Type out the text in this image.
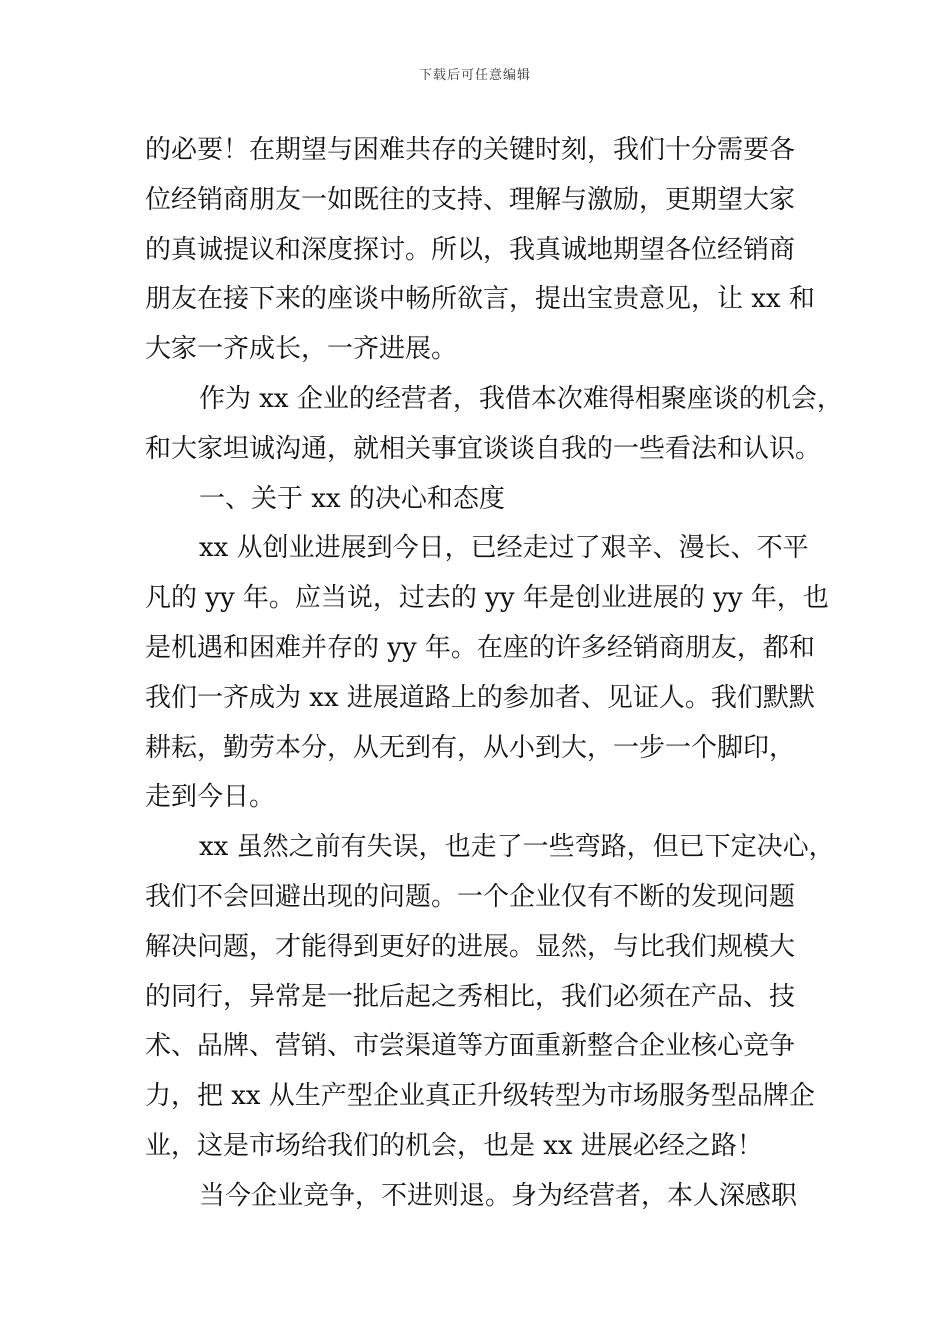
下载后可任意编辑
的必要！在期望与困难共存的关键时刻，我们十分需要各
位经销商朋友一如既往的支持、理解与激励，更期望大家
的真诚提议和深度探讨。所以，我真诚地期望各位经销商
朋友在接下来的座谈中畅所欲言，提出宝贵意见，让 xx 和
大家一齐成长，一齐进展。
作为 xx 企业的经营者，我借本次难得相聚座谈的机会，
和大家坦诚沟通，就相关事宜谈谈自我的一些看法和认识。
一、关于 xx 的决心和态度
xx 从创业进展到今日，已经走过了艰辛、漫长、不平
凡的 yy 年。应当说，过去的 yy 年是创业进展的 yy 年，也
是机遇和困难并存的 yy 年。在座的许多经销商朋友，都和
我们一齐成为 xx 进展道路上的参加者、见证人。我们默默
耕耘，勤劳本分，从无到有，从小到大，一步一个脚印，
走到今日。
xx 虽然之前有失误，也走了一些弯路，但已下定决心，
我们不会回避出现的问题。一个企业仅有不断的发现问题
解决问题，才能得到更好的进展。显然，与比我们规模大
的同行，异常是一批后起之秀相比，我们必须在产品、技
术、品牌、营销、市尝渠道等方面重新整合企业核心竞争
力，把 xx 从生产型企业真正升级转型为市场服务型品牌企
业，这是市场给我们的机会，也是 xx 进展必经之路！
当今企业竞争，不进则退。身为经营者，本人深感职
